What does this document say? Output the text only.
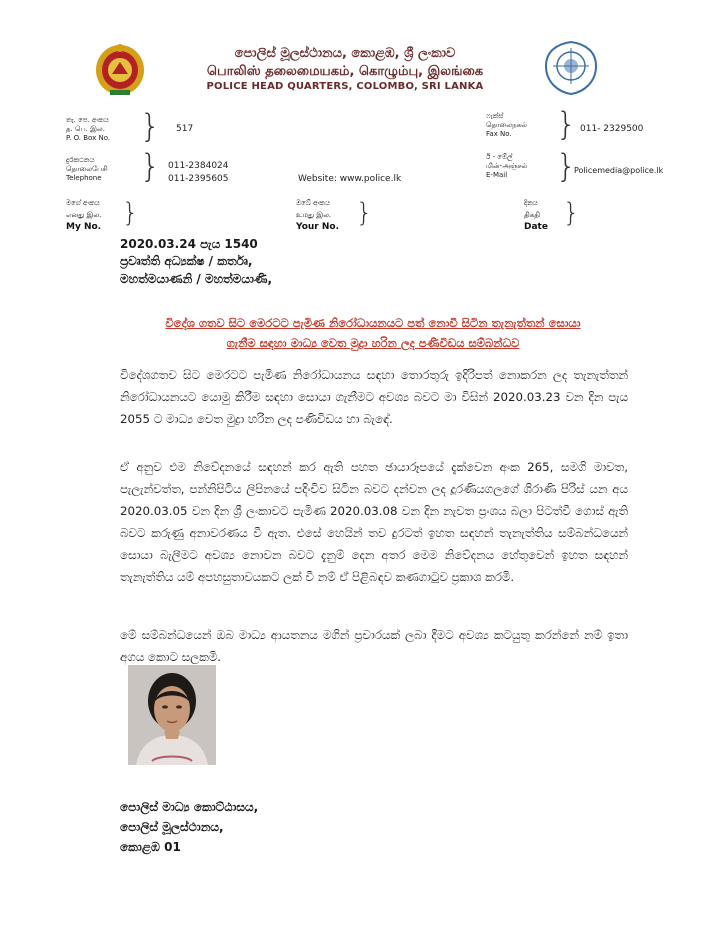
පොලිස් මූලස්ථානය, කොළඹ, ශ්‍රී ලංකාව
பொலிஸ் தலைமையகம், கொழும்பு, இலங்கை
POLICE HEAD QUARTERS, COLOMBO, SRI LANKA
තැ. පෙ. අංකය
த. பெ. இல.
P. O. Box No. } 517
දුරකථනය
தொலைபேசி
Telephone } 011-2384024
011-2395605	Website: www.police.lk
ෆැක්ස්
தொலைநகல்
Fax No.	} 011- 2329500
ඊ - මේල්
மின்-அஞ்சல்
E-Mail	}
Policemedia@police.lk
මගේ අංකය
எனது இல.
My No. }	ඔබේ අංකය
உமது இல.
Your No. }	දිනය
திகதி
Date }
2020.03.24 පැය 1540
ප්‍රවෘත්ති අධ්‍යක්ෂ / කර්තෘ,
මහත්මයාණනි / මහත්මයාණි,
විදේශ ගතව සිට මෙරටට පැමිණ නිරෝධායනයට පත් නොවී සිටින තැනැත්තන් සොයා
ගැනීම සඳහා මාධ්‍ය වෙත මුද්‍රා හරින ලද පණිවිඩය සම්බන්ධව
විදේශගතව සිට මෙරටට පැමිණ නිරෝධායනය සඳහා තොරතුරු ඉදිරිපත් නොකරන ලද තැනැත්තන් නිරෝධායනයට යොමු කිරීම සඳහා සොයා ගැනීමට අවශ්‍ය බවට මා විසින් 2020.03.23 වන දින පැය 2055 ට මාධ්‍ය වෙත මුද්‍රා හරින ලද පණිවිඩය හා බැඳේ.
ඒ අනුව එම නිවේදනයේ සඳහන් කර ඇති පහත ඡායාරූපයේ දැක්වෙන අංක 265, සමගි මාවත, පැලැන්වත්ත, පන්නිපිටිය ලිපිනයේ පදිංචිව සිටින බවට දන්වන ලද දූරණියගලගේ ශිරාණි පිරිස් යන අය 2020.03.05 වන දින ශ්‍රී ලංකාවට පැමිණ 2020.03.08 වන දින නැවත ප්‍රංශය බලා පිටත්වී ගොස් ඇති බවට කරුණු අනාවරණය වී ඇත. එසේ හෙයින් තව දුරටත් ඉහත සඳහන් තැනැත්තිය සම්බන්ධයෙන් සොයා බැලීමට අවශ්‍ය නොවන බවට දැනුම් දෙන අතර මෙම නිවේදනය හේතුවෙන් ඉහත සඳහන් තැනැත්තිය යම් අපහසුතාවයකට ලක් වී නම් ඒ පිළිබඳව කණගාටුව ප්‍රකාශ කරමි.
මේ සම්බන්ධයෙන් ඔබ මාධ්‍ය ආයතනය මගින් ප්‍රචාරයක් ලබා දීමට අවශ්‍ය කටයුතු කරන්නේ නම් ඉතා අගය කොට සලකමි.
පොලිස් මාධ්‍ය කොට්ඨාසය,
පොලිස් මූලස්ථානය,
කොළඹ 01
